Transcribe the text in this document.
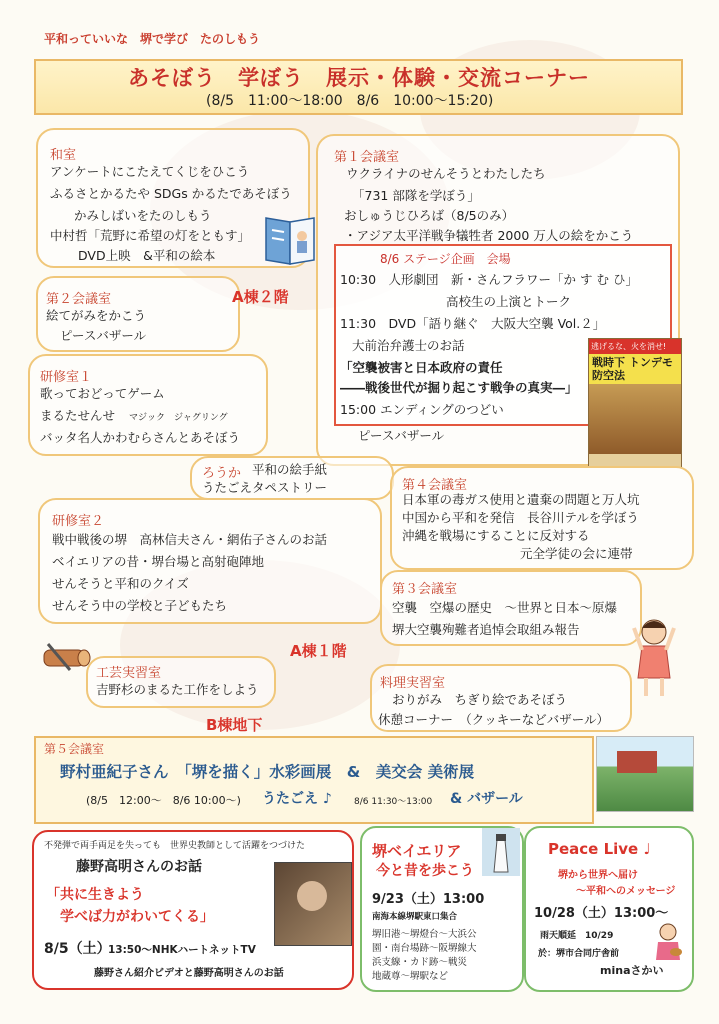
平和っていいな　堺で学び　たのしもう
あそぼう　学ぼう　展示・体験・交流コーナー
(8/5　11:00〜18:00　8/6　10:00〜15:20)
和室
アンケートにこたえてくじをひこう
ふるさとかるたや SDGs かるたであそぼう
かみしばいをたのしもう
中村哲「荒野に希望の灯をともす」
DVD上映　&平和の絵本
第２会議室
絵てがみをかこう
ピースバザール
A棟２階
研修室１
歌っておどってゲーム
まるたせんせ マジック　ジャグリング
バッタ名人かわむらさんとあそぼう
第１会議室
ウクライナのせんそうとわたしたち
「731 部隊を学ぼう」
おしゅうじひろば（8/5のみ）
・アジア太平洋戦争犠牲者 2000 万人の絵をかこう
8/6 ステージ企画　会場
10:30　人形劇団　新・さんフラワー「か す む ひ」
高校生の上演とトーク
11:30　DVD「語り継ぐ　大阪大空襲 Vol.２」
大前治弁護士のお話
「空襲被害と日本政府の責任
――戦後世代が掘り起こす戦争の真実―」
15:00 エンディングのつどい
ピースバザール
逃げるな、火を消せ!
戦時下 トンデモ 防空法
ろうか 平和の絵手紙
うたごえタペストリー	第４会議室
日本軍の毒ガス使用と遺棄の問題と万人坑
中国から平和を発信　長谷川テルを学ぼう
沖縄を戦場にすることに反対する
元全学徒の会に連帯
研修室２
戦中戦後の堺　高林信夫さん・網佑子さんのお話
ベイエリアの昔・堺台場と高射砲陣地
せんそうと平和のクイズ
せんそう中の学校と子どもたち
第３会議室
空襲　空爆の歴史　～世界と日本～原爆
堺大空襲殉難者追悼会取組み報告
A棟１階
工芸実習室
吉野杉のまるた工作をしよう	料理実習室
おりがみ　ちぎり絵であそぼう
休憩コーナー　（クッキーなどバザール）
B棟地下
第５会議室
野村亜紀子さん　「堺を描く」水彩画展　&　美交会 美術展
(8/5　12:00〜　8/6 10:00〜) うたごえ ♪ 8/6 11:30〜13:00 & バザール
不発弾で両手両足を失っても　世界史教師として活躍をつづけた
藤野高明さんのお話
「共に生きよう
学べば力がわいてくる」
8/5（土）
13:50〜NHKハートネットTV
藤野さん紹介ビデオと藤野高明さんのお話
堺ベイエリア
今と昔を歩こう
9/23（土）13:00
南海本線堺駅東口集合
堺旧港〜堺燈台〜大浜公
園・南台場跡〜阪堺線大
浜支線・カド跡〜戦災
地蔵尊〜堺駅など
Peace Live ♩
堺から世界へ届け
〜平和へのメッセージ
10/28（土）13:00〜
雨天順延　10/29
於：堺市合同庁舎前
minaさかい
